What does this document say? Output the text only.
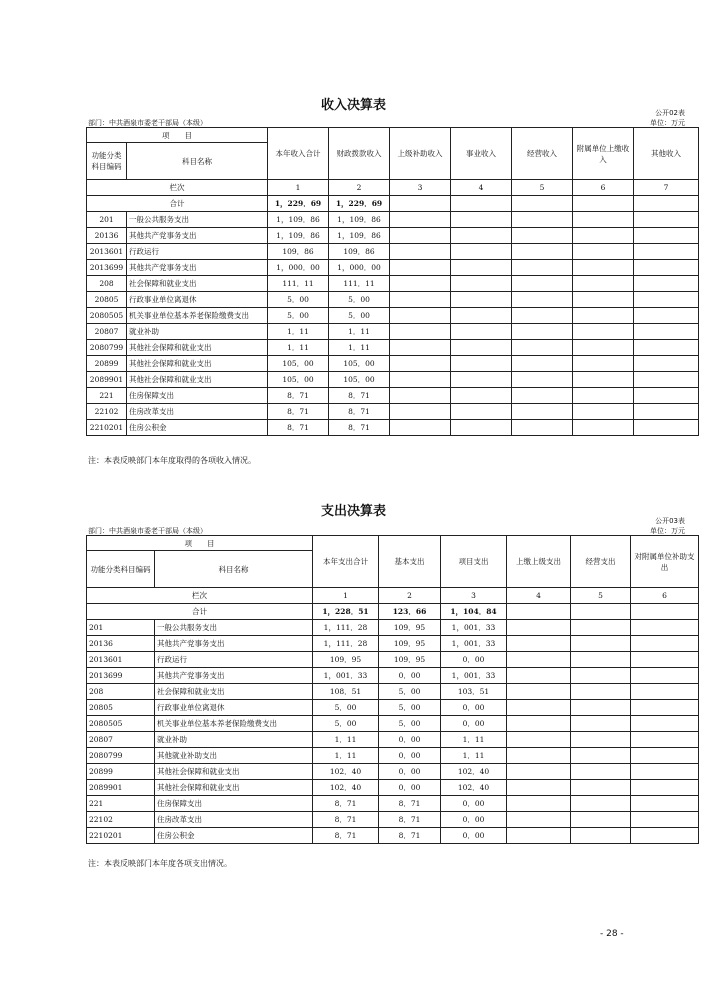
收入决算表	公开02表
部门：中共酒泉市委老干部局（本级）	单位：万元
项　　目		本年收入合计	财政拨款收入	上级补助收入	事业收入	经营收入	附属单位上缴收入	其他收入
功能分类科目编码	科目名称							
栏次		1	2	3	4	5	6	7
合计		1，229．69	1，229．69					
201	一般公共服务支出	1，109．86	1，109．86					
20136	其他共产党事务支出	1，109．86	1，109．86					
2013601	行政运行	109．86	109．86					
2013699	其他共产党事务支出	1，000．00	1，000．00					
208	社会保障和就业支出	111．11	111．11					
20805	行政事业单位离退休	5．00	5．00					
2080505	机关事业单位基本养老保险缴费支出	5．00	5．00					
20807	就业补助	1．11	1．11					
2080799	其他社会保障和就业支出	1．11	1．11					
20899	其他社会保障和就业支出	105．00	105．00					
2089901	其他社会保障和就业支出	105．00	105．00					
221	住房保障支出	8．71	8．71					
22102	住房改革支出	8．71	8．71					
2210201	住房公积金	8．71	8．71					
注：本表反映部门本年度取得的各项收入情况。
支出决算表
公开03表
部门：中共酒泉市委老干部局（本级）	单位：万元
项　　目		本年支出合计	基本支出	项目支出	上缴上级支出	经营支出	对附属单位补助支出
功能分类科目编码	科目名称						
栏次		1	2	3	4	5	6
合计		1，228．51	123．66	1，104．84			
201	一般公共服务支出	1，111．28	109．95	1，001．33			
20136	其他共产党事务支出	1，111．28	109．95	1，001．33			
2013601	行政运行	109．95	109．95	0．00			
2013699	其他共产党事务支出	1，001．33	0．00	1，001．33			
208	社会保障和就业支出	108．51	5．00	103．51			
20805	行政事业单位离退休	5．00	5．00	0．00			
2080505	机关事业单位基本养老保险缴费支出	5．00	5．00	0．00			
20807	就业补助	1．11	0．00	1．11			
2080799	其他就业补助支出	1．11	0．00	1．11			
20899	其他社会保障和就业支出	102．40	0．00	102．40			
2089901	其他社会保障和就业支出	102．40	0．00	102．40			
221	住房保障支出	8．71	8．71	0．00			
22102	住房改革支出	8．71	8．71	0．00			
2210201	住房公积金	8．71	8．71	0．00			
注：本表反映部门本年度各项支出情况。
- 28 -
